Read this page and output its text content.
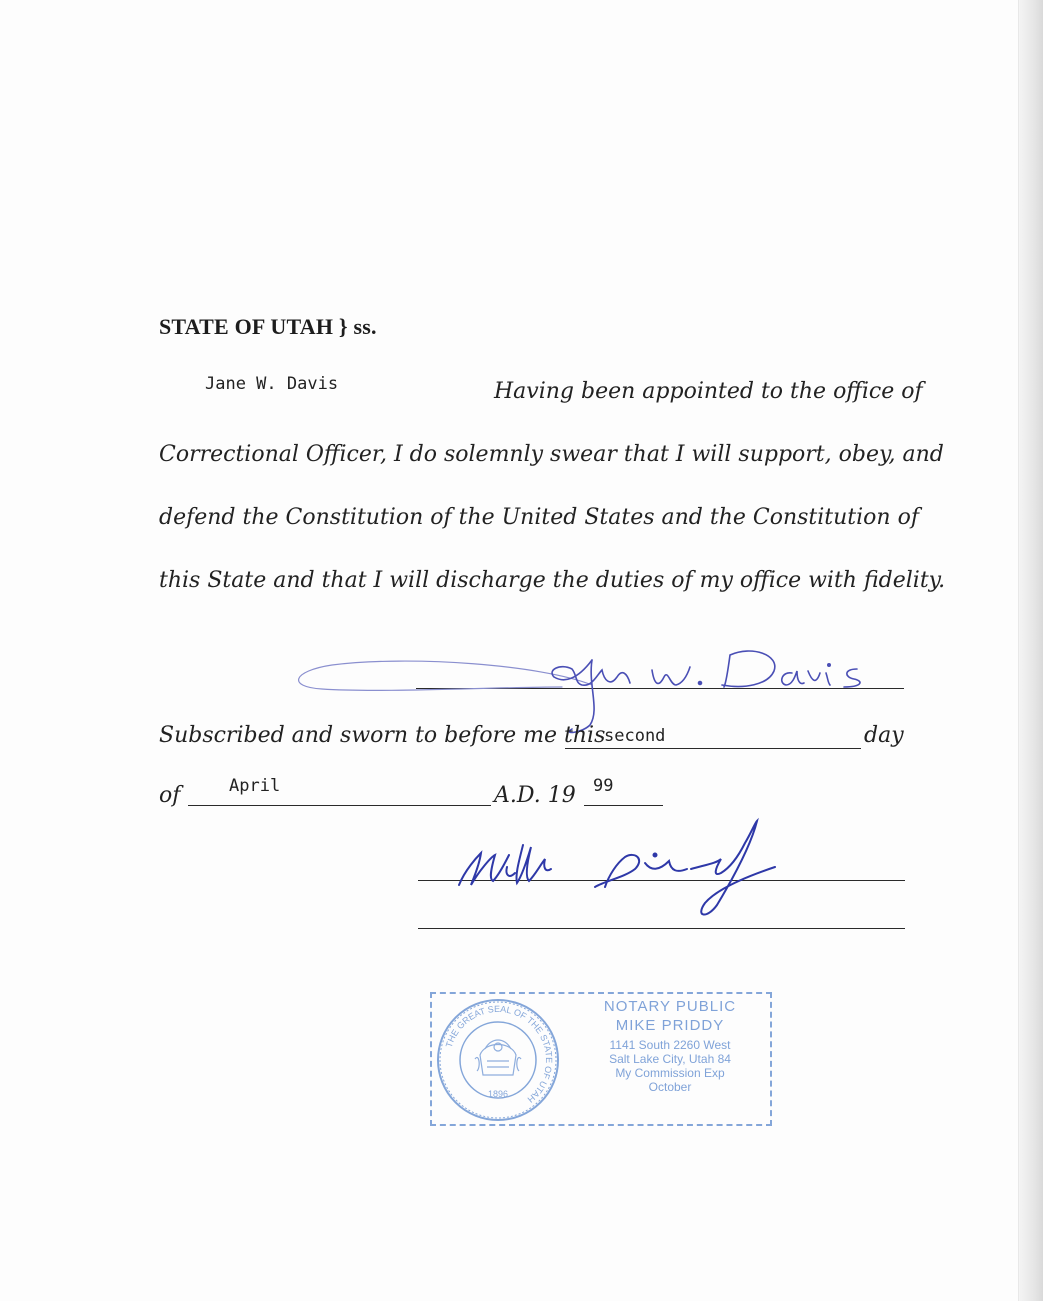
STATE OF UTAH } ss.
Jane W. Davis	Having been appointed to the office of
Correctional Officer, I do solemnly swear that I will support, obey, and
defend the Constitution of the United States and the Constitution of
this State and that I will discharge the duties of my office with fidelity.
Subscribed and sworn to before me this
second	day
of	April	A.D. 19 99
THE GREAT SEAL OF THE STATE OF UTAH
1896
NOTARY PUBLIC
MIKE PRIDDY
1141 South 2260 West
Salt Lake City, Utah 84
My Commission Exp
October
